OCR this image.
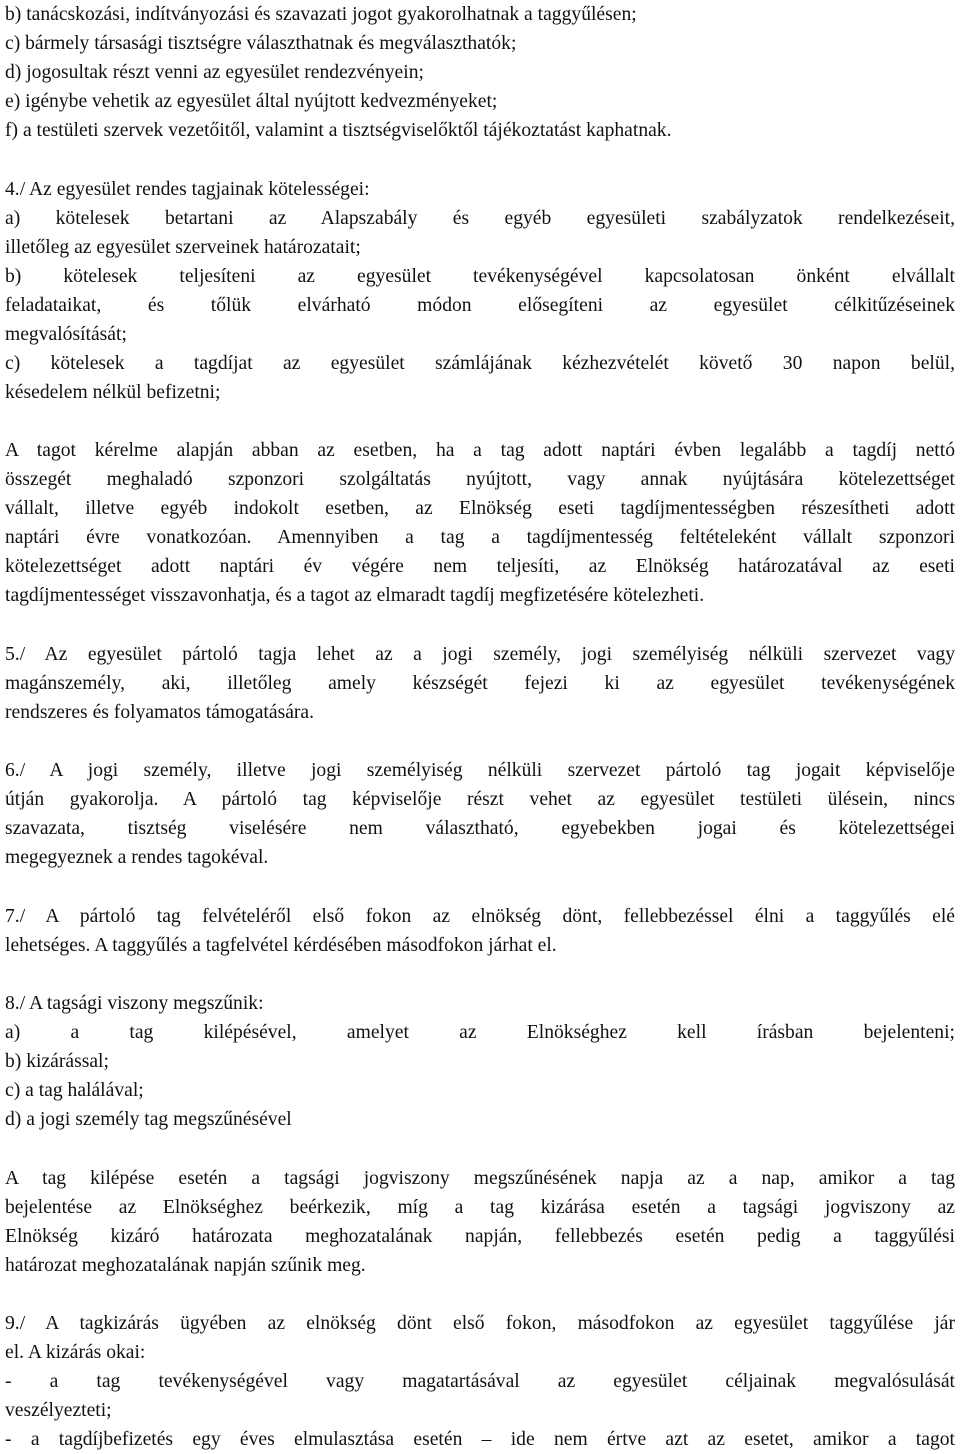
b) tanácskozási, indítványozási és szavazati jogot gyakorolhatnak a taggyűlésen;
c) bármely társasági tisztségre választhatnak és megválaszthatók;
d) jogosultak részt venni az egyesület rendezvényein;
e) igénybe vehetik az egyesület által nyújtott kedvezményeket;
f) a testületi szervek vezetőitől, valamint a tisztségviselőktől tájékoztatást kaphatnak.
4./ Az egyesület rendes tagjainak kötelességei:
a) kötelesek betartani az Alapszabály és egyéb egyesületi szabályzatok rendelkezéseit,
illetőleg az egyesület szerveinek határozatait;
b) kötelesek teljesíteni az egyesület tevékenységével kapcsolatosan önként elvállalt
feladataikat, és tőlük elvárható módon elősegíteni az egyesület célkitűzéseinek
megvalósítását;
c) kötelesek a tagdíjat az egyesület számlájának kézhezvételét követő 30 napon belül,
késedelem nélkül befizetni;
A tagot kérelme alapján abban az esetben, ha a tag adott naptári évben legalább a tagdíj nettó
összegét meghaladó szponzori szolgáltatás nyújtott, vagy annak nyújtására kötelezettséget
vállalt, illetve egyéb indokolt esetben, az Elnökség eseti tagdíjmentességben részesítheti adott
naptári évre vonatkozóan. Amennyiben a tag a tagdíjmentesség feltételeként vállalt szponzori
kötelezettséget adott naptári év végére nem teljesíti, az Elnökség határozatával az eseti
tagdíjmentességet visszavonhatja, és a tagot az elmaradt tagdíj megfizetésére kötelezheti.
5./ Az egyesület pártoló tagja lehet az a jogi személy, jogi személyiség nélküli szervezet vagy
magánszemély, aki, illetőleg amely készségét fejezi ki az egyesület tevékenységének
rendszeres és folyamatos támogatására.
6./ A jogi személy, illetve jogi személyiség nélküli szervezet pártoló tag jogait képviselője
útján gyakorolja. A pártoló tag képviselője részt vehet az egyesület testületi ülésein, nincs
szavazata, tisztség viselésére nem választható, egyebekben jogai és kötelezettségei
megegyeznek a rendes tagokéval.
7./ A pártoló tag felvételéről első fokon az elnökség dönt, fellebbezéssel élni a taggyűlés elé
lehetséges. A taggyűlés a tagfelvétel kérdésében másodfokon járhat el.
8./ A tagsági viszony megszűnik:
a) a tag kilépésével, amelyet az Elnökséghez kell írásban bejelenteni;
b) kizárással;
c) a tag halálával;
d) a jogi személy tag megszűnésével
A tag kilépése esetén a tagsági jogviszony megszűnésének napja az a nap, amikor a tag
bejelentése az Elnökséghez beérkezik, míg a tag kizárása esetén a tagsági jogviszony az
Elnökség kizáró határozata meghozatalának napján, fellebbezés esetén pedig a taggyűlési
határozat meghozatalának napján szűnik meg.
9./ A tagkizárás ügyében az elnökség dönt első fokon, másodfokon az egyesület taggyűlése jár
el. A kizárás okai:
- a tag tevékenységével vagy magatartásával az egyesület céljainak megvalósulását
veszélyezteti;
- a tagdíjbefizetés egy éves elmulasztása esetén – ide nem értve azt az esetet, amikor a tagot
